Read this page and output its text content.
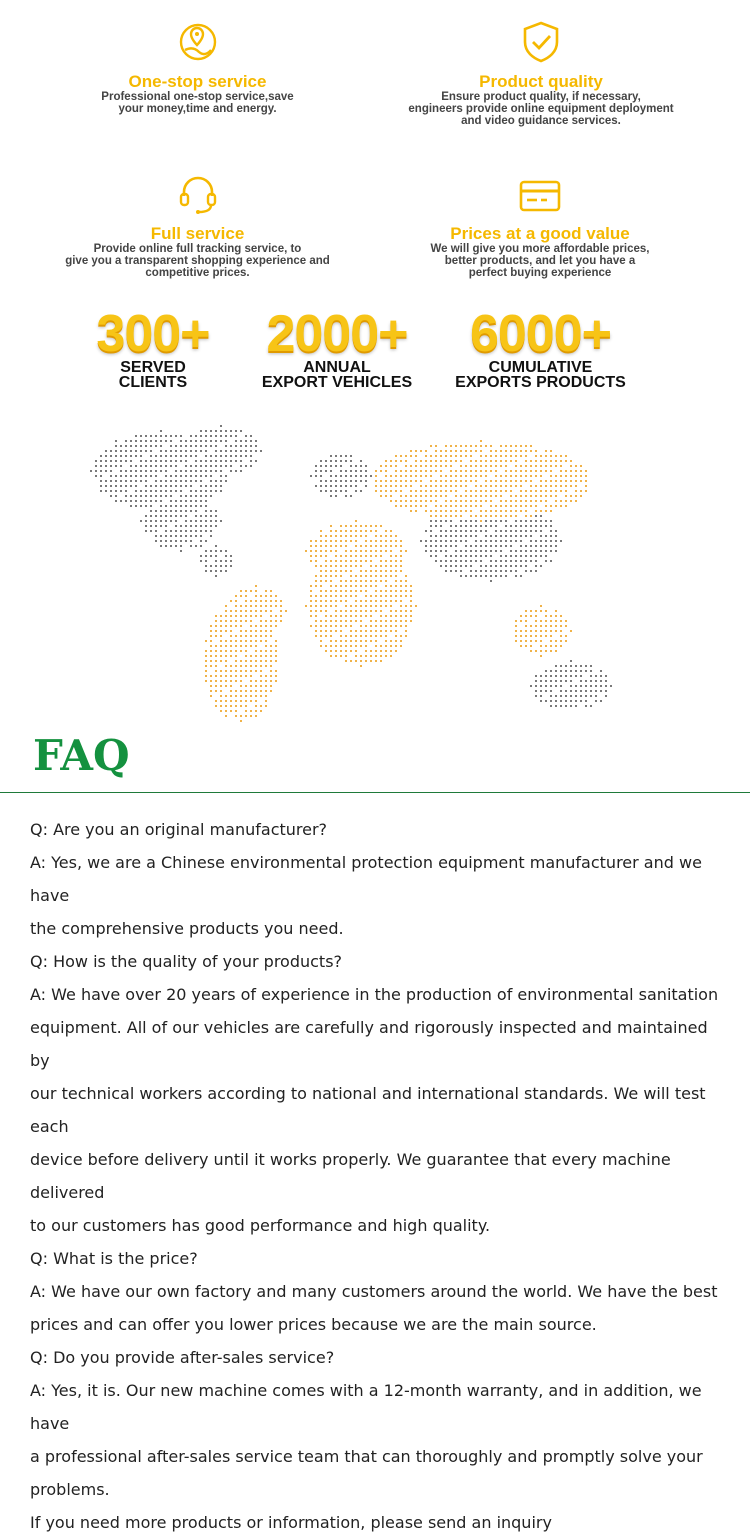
One-stop service
Professional one-stop service,save
your money,time and energy.
Product quality
Ensure product quality, if necessary,
engineers provide online equipment deployment
and video guidance services.
Full service
Provide online full tracking service, to
give you a transparent shopping experience and
competitive prices.
Prices at a good value
We will give you more affordable prices,
better products, and let you have a
perfect buying experience
300+
SERVED
CLIENTS
2000+
ANNUAL
EXPORT VEHICLES
6000+
CUMULATIVE
EXPORTS PRODUCTS
FAQ

Q: Are you an original manufacturer?

A: Yes, we are a Chinese environmental protection equipment manufacturer and we have

the comprehensive products you need.

Q: How is the quality of your products?

A: We have over 20 years of experience in the production of environmental sanitation

equipment. All of our vehicles are carefully and rigorously inspected and maintained by

our technical workers according to national and international standards. We will test each

device before delivery until it works properly. We guarantee that every machine delivered

to our customers has good performance and high quality.

Q: What is the price?

A: We have our own factory and many customers around the world. We have the best

prices and can offer you lower prices because we are the main source.

Q: Do you provide after-sales service?

A: Yes, it is. Our new machine comes with a 12-month warranty, and in addition, we have

a professional after-sales service team that can thoroughly and promptly solve your

problems.

If you need more products or information, please send an inquiry
